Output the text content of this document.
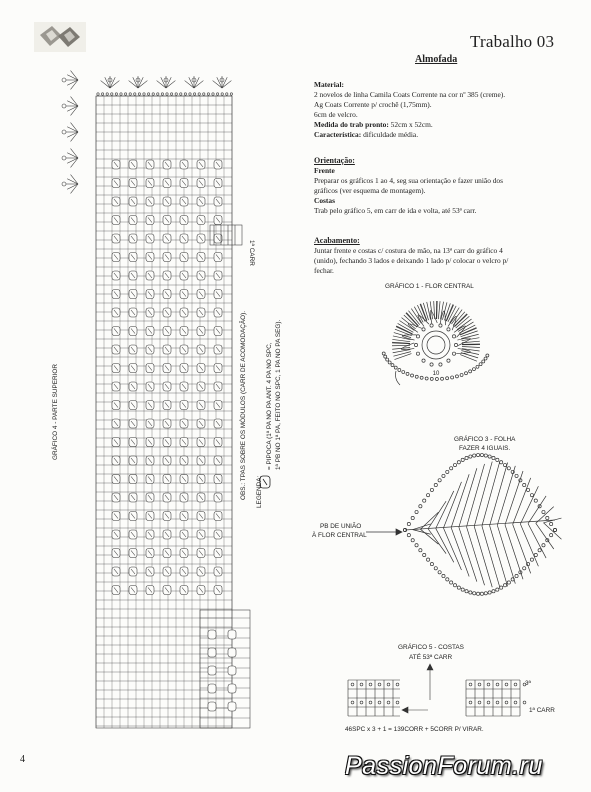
Trabalho 03
Almofada
Material:
2 novelos de linha Camila Coats Corrente na cor nº 385 (creme).
Ag Coats Corrente p/ crochê (1,75mm).
6cm de velcro.
Medida do trab pronto: 52cm x 52cm.
Característica: dificuldade média.
Orientação:
Frente
Preparar os gráficos 1 ao 4, seg sua orientação e fazer união dos
gráficos (ver esquema de montagem).
Costas
Trab pelo gráfico 5, em carr de ida e volta, até 53ª carr.
Acabamento:
Juntar frente e costas c/ costura de mão, na 13ª carr do gráfico 4
(unido), fechando 3 lados e deixando 1 lado p/ colocar o velcro p/
fechar.
GRÁFICO 1 - FLOR CENTRAL
10
GRÁFICO 3 - FOLHA
FAZER 4 IGUAIS.
PB DE UNIÃO
À FLOR CENTRAL
GRÁFICO 5 - COSTAS
ATÉ 53ª CARR
3ª
1ª CARR
46SPC x 3 + 1 = 139CORR + 5CORR P/ VIRAR.
GRÁFICO 4 - PARTE SUPERIOR
1ª CARR
OBS.: TPAS SOBRE OS MÓDULOS (CARR DE ACOMODAÇÃO). LEGENDA:
= PIPOCA (1ª PA NO PA ANT. 4 PA NO SPC, 1ª PB NO 1ª PA, FEITO NO SPC, 1 PA NO PA SEG).
4	PassionForum.ru
